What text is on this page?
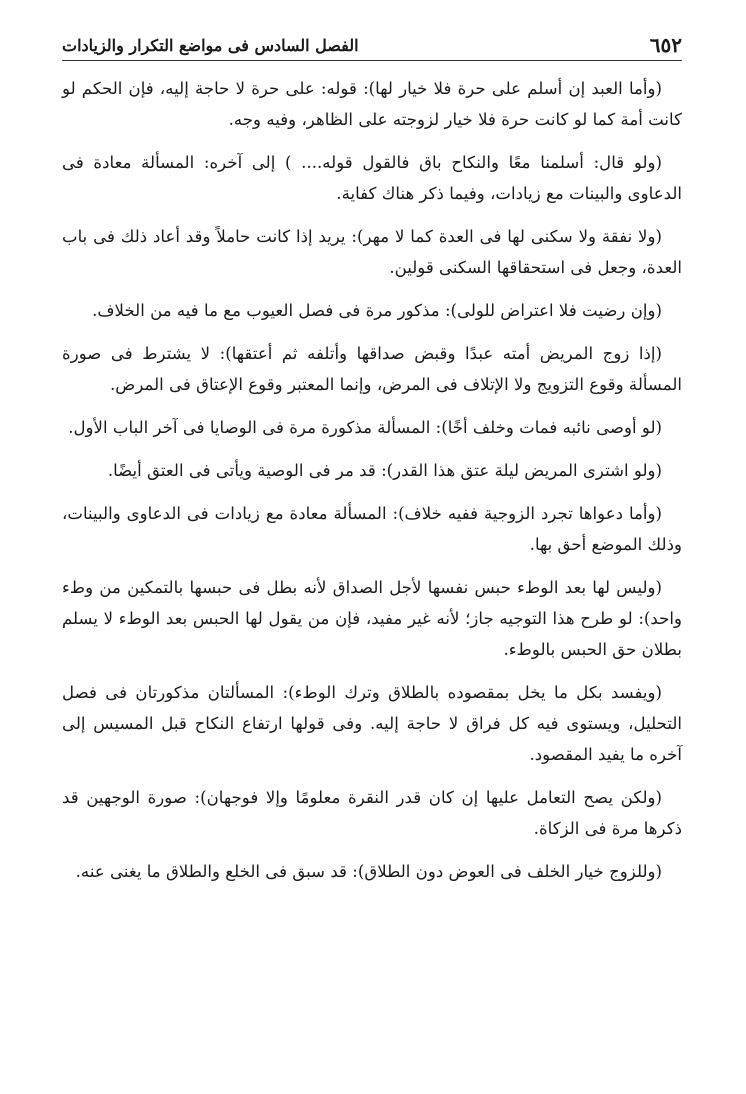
٦٥٢
الفصل السادس فى مواضع التكرار والزيادات

(وأما العبد إن أسلم على حرة فلا خيار لها): قوله: على حرة لا حاجة إليه، فإن الحكم لو كانت أمة كما لو كانت حرة فلا خيار لزوجته على الظاهر، وفيه وجه.

(ولو قال: أسلمنا معًا والنكاح باق فالقول قوله.... ) إلى آخره: المسألة معادة فى الدعاوى والبينات مع زيادات، وفيما ذكر هناك كفاية.

(ولا نفقة ولا سكنى لها فى العدة كما لا مهر): يريد إذا كانت حاملاً وقد أعاد ذلك فى باب العدة، وجعل فى استحقاقها السكنى قولين.

(وإن رضيت فلا اعتراض للولى): مذكور مرة فى فصل العيوب مع ما فيه من الخلاف.

(إذا زوج المريض أمته عبدًا وقبض صداقها وأتلفه ثم أعتقها): لا يشترط فى صورة المسألة وقوع التزويج ولا الإتلاف فى المرض، وإنما المعتبر وقوع الإعتاق فى المرض.

(لو أوصى نائبه فمات وخلف أخًا): المسألة مذكورة مرة فى الوصايا فى آخر الباب الأول.

(ولو اشترى المريض ليلة عتق هذا القدر): قد مر فى الوصية ويأتى فى العتق أيضًا.

(وأما دعواها تجرد الزوجية ففيه خلاف): المسألة معادة مع زيادات فى الدعاوى والبينات، وذلك الموضع أحق بها.

(وليس لها بعد الوطء حبس نفسها لأجل الصداق لأنه بطل فى حبسها بالتمكين من وطء واحد): لو طرح هذا التوجيه جاز؛ لأنه غير مفيد، فإن من يقول لها الحبس بعد الوطء لا يسلم بطلان حق الحبس بالوطء.

(ويفسد بكل ما يخل بمقصوده بالطلاق وترك الوطء): المسألتان مذكورتان فى فصل التحليل، ويستوى فيه كل فراق لا حاجة إليه. وفى قولها ارتفاع النكاح قبل المسيس إلى آخره ما يفيد المقصود.

(ولكن يصح التعامل عليها إن كان قدر النقرة معلومًا وإلا فوجهان): صورة الوجهين قد ذكرها مرة فى الزكاة.

(وللزوج خيار الخلف فى العوض دون الطلاق): قد سبق فى الخلع والطلاق ما يغنى عنه.
